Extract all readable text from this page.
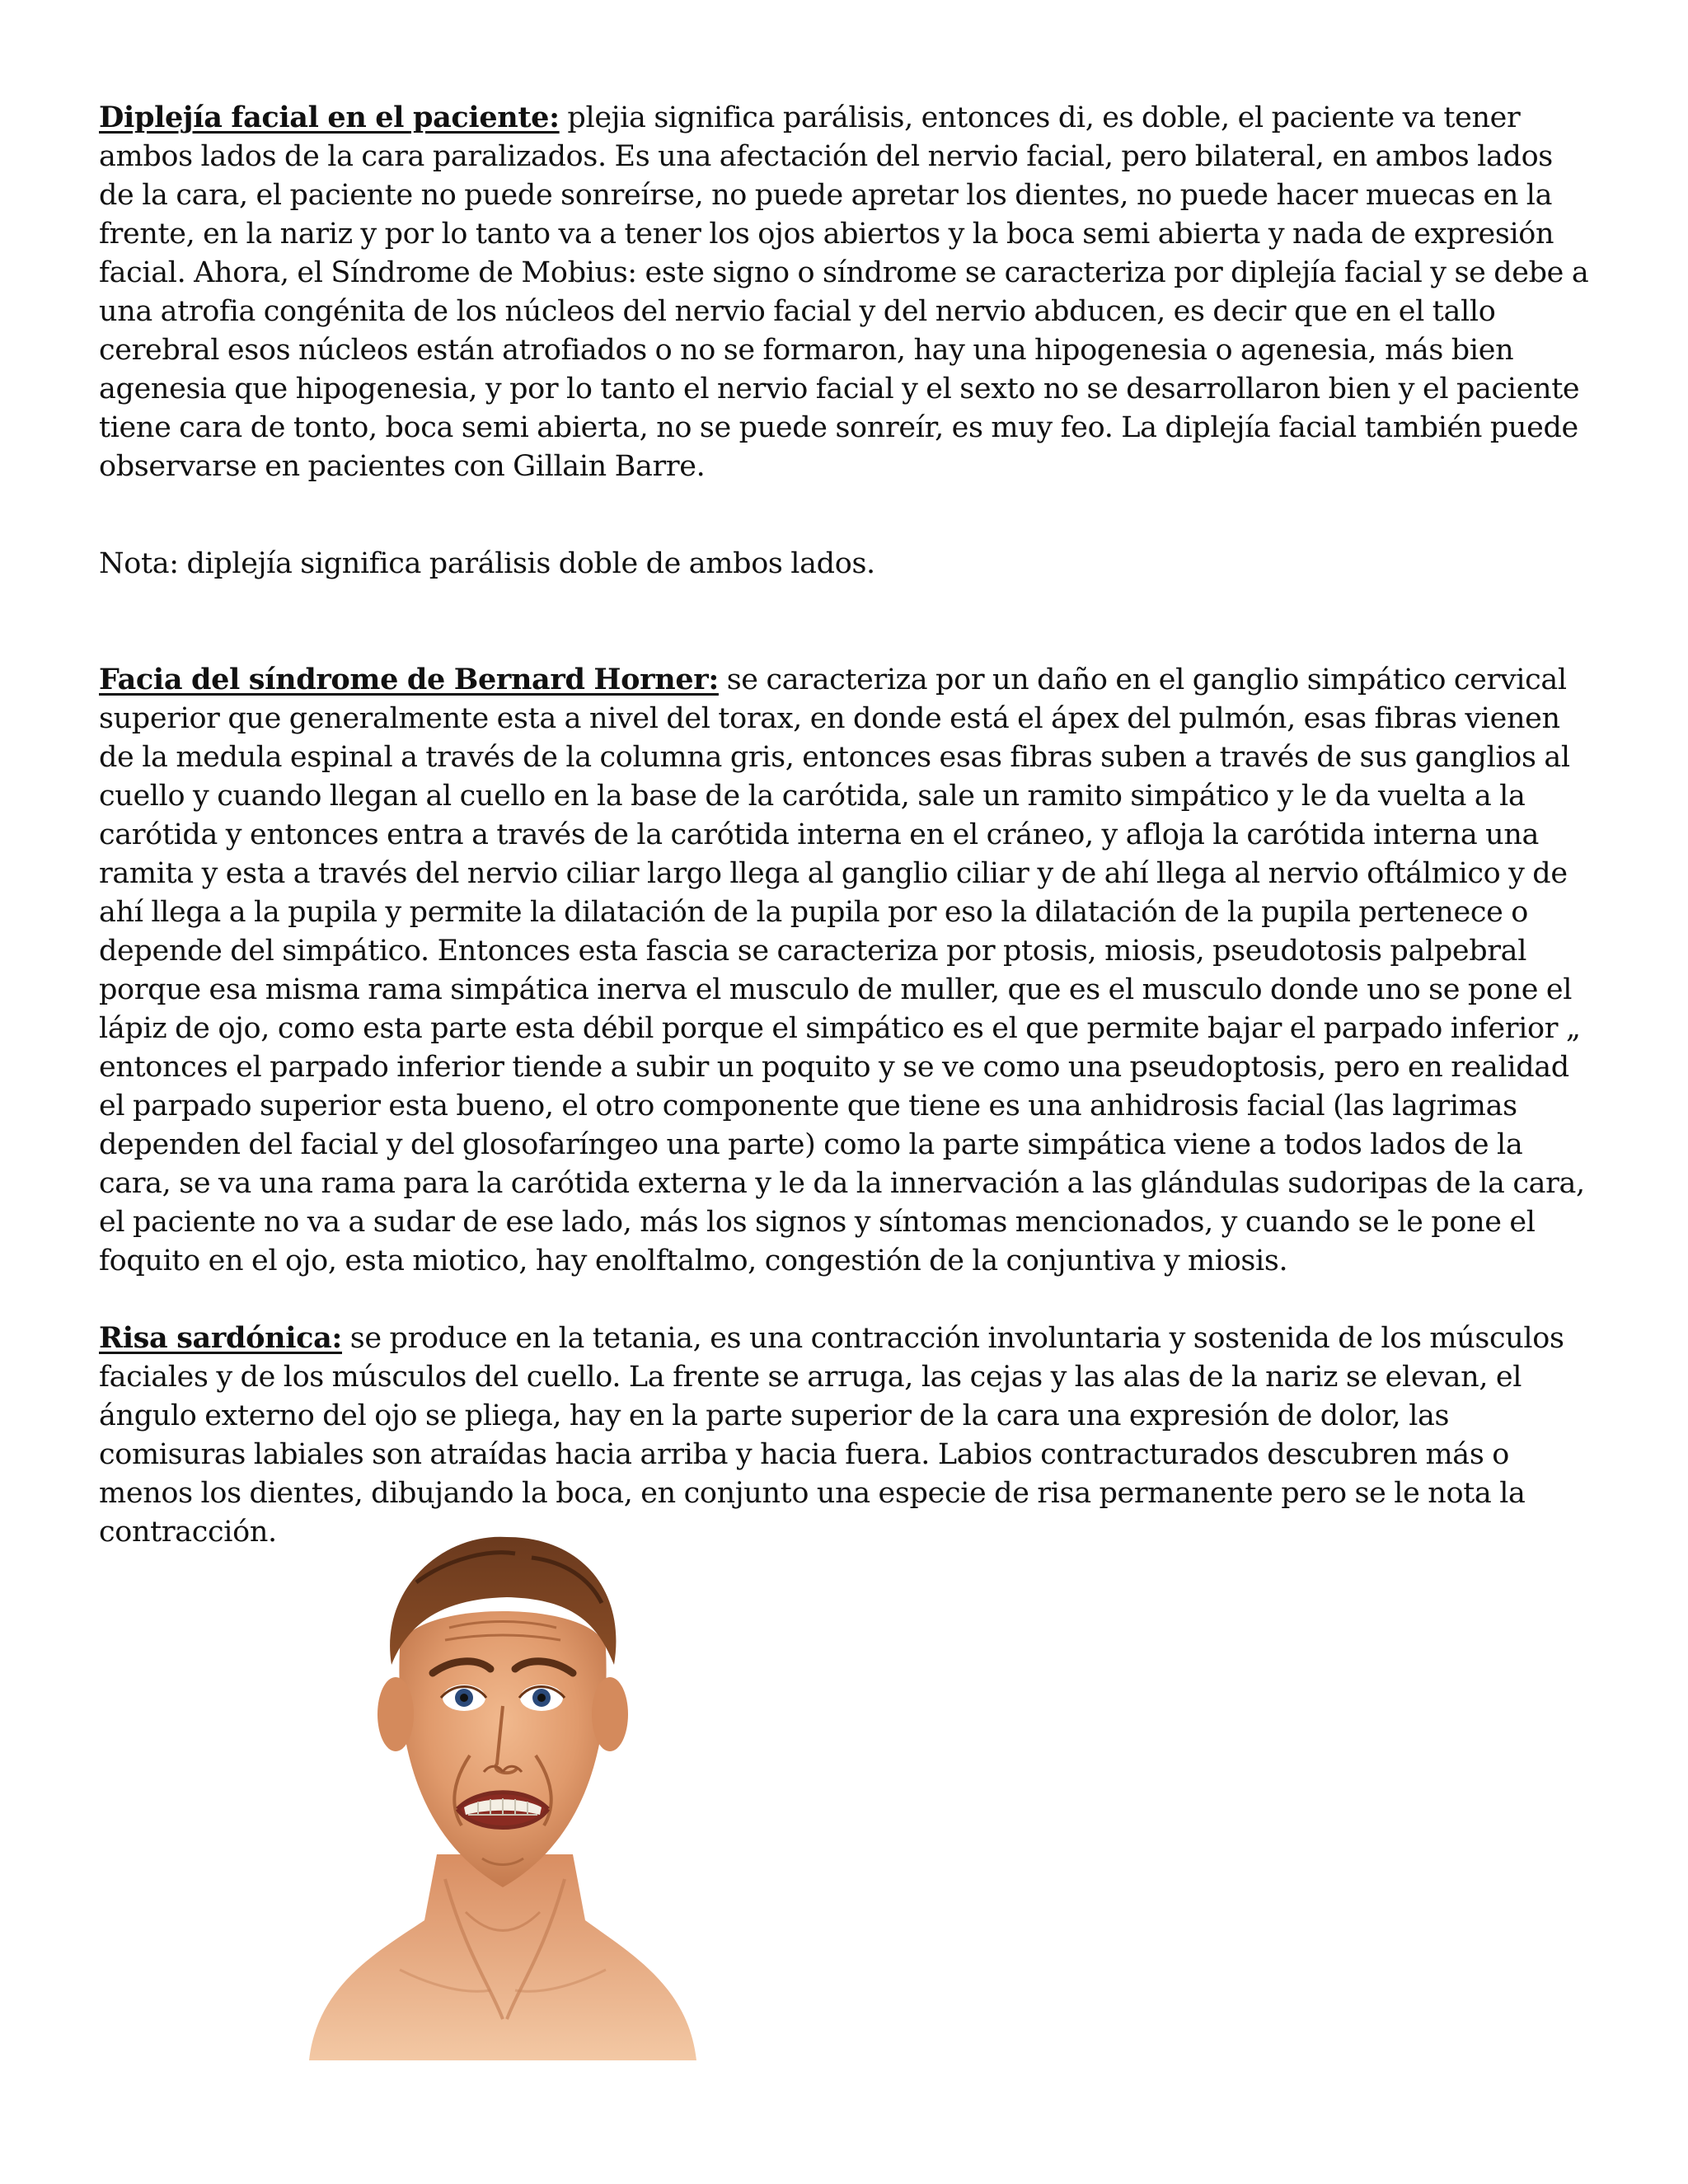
Diplejía facial en el paciente: plejia significa parálisis, entonces di, es doble, el paciente va tener ambos lados de la cara paralizados. Es una afectación del nervio facial, pero bilateral, en ambos lados de la cara, el paciente no puede sonreírse, no puede apretar los dientes, no puede hacer muecas en la frente, en la nariz y por lo tanto va a tener los ojos abiertos y la boca semi abierta y nada de expresión facial. Ahora, el Síndrome de Mobius: este signo o síndrome se caracteriza por diplejía facial y se debe a una atrofia congénita de los núcleos del nervio facial y del nervio abducen, es decir que en el tallo cerebral esos núcleos están atrofiados o no se formaron, hay una hipogenesia o agenesia, más bien agenesia que hipogenesia, y por lo tanto el nervio facial y el sexto no se desarrollaron bien y el paciente tiene cara de tonto, boca semi abierta, no se puede sonreír, es muy feo. La diplejía facial también puede observarse en pacientes con Gillain Barre.

Nota: diplejía significa parálisis doble de ambos lados.

Facia del síndrome de Bernard Horner: se caracteriza por un daño en el ganglio simpático cervical superior que generalmente esta a nivel del torax, en donde está el ápex del pulmón, esas fibras vienen de la medula espinal a través de la columna gris, entonces esas fibras suben a través de sus ganglios al cuello y cuando llegan al cuello en la base de la carótida, sale un ramito simpático y le da vuelta a la carótida y entonces entra a través de la carótida interna en el cráneo, y afloja la carótida interna una ramita y esta a través del nervio ciliar largo llega al ganglio ciliar y de ahí llega al nervio oftálmico y de ahí llega a la pupila y permite la dilatación de la pupila por eso la dilatación de la pupila pertenece o depende del simpático. Entonces esta fascia se caracteriza por ptosis, miosis, pseudotosis palpebral porque esa misma rama simpática inerva el musculo de muller, que es el musculo donde uno se pone el lápiz de ojo, como esta parte esta débil porque el simpático es el que permite bajar el parpado inferior „ entonces el parpado inferior tiende a subir un poquito y se ve como una pseudoptosis, pero en realidad el parpado superior esta bueno, el otro componente que tiene es una anhidrosis facial (las lagrimas dependen del facial y del glosofaríngeo una parte) como la parte simpática viene a todos lados de la cara, se va una rama para la carótida externa y le da la innervación a las glándulas sudoripas de la cara, el paciente no va a sudar de ese lado, más los signos y síntomas mencionados, y cuando se le pone el foquito en el ojo, esta miotico, hay enolftalmo, congestión de la conjuntiva y miosis.

Risa sardónica: se produce en la tetania, es una contracción involuntaria y sostenida de los músculos faciales y de los músculos del cuello. La frente se arruga, las cejas y las alas de la nariz se elevan, el ángulo externo del ojo se pliega, hay en la parte superior de la cara una expresión de dolor, las comisuras labiales son atraídas hacia arriba y hacia fuera. Labios contracturados descubren más o menos los dientes, dibujando la boca, en conjunto una especie de risa permanente pero se le nota la contracción.
